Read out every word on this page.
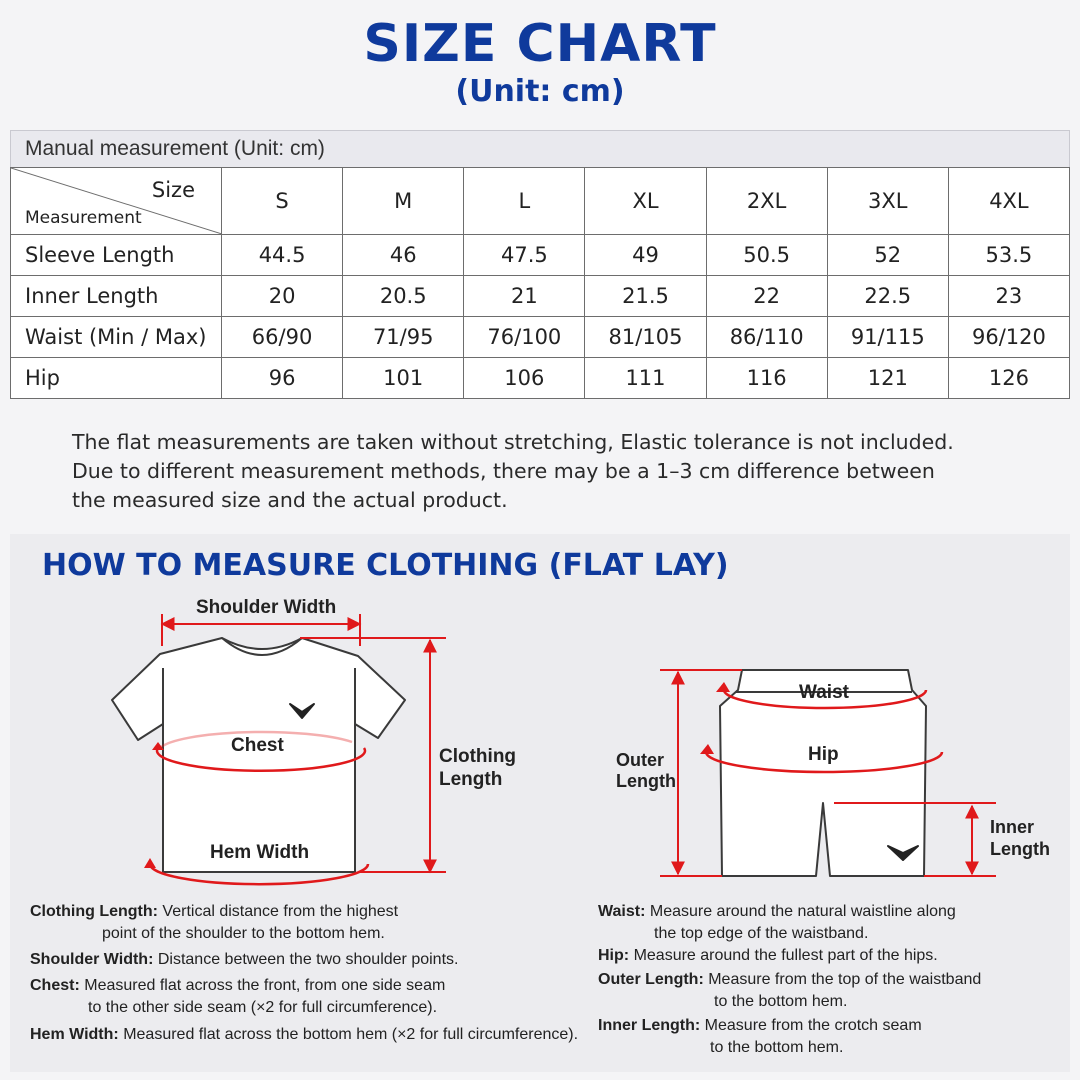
SIZE CHART
(Unit: cm)
Manual measurement (Unit: cm)
Size
Measurement	S	M	L	XL	2XL	3XL	4XL
Sleeve Length	44.5	46	47.5	49	50.5	52	53.5
Inner Length	20	20.5	21	21.5	22	22.5	23
Waist (Min / Max)	66/90	71/95	76/100	81/105	86/110	91/115	96/120
Hip	96	101	106	111	116	121	126
The flat measurements are taken without stretching, Elastic tolerance is not included.
Due to different measurement methods, there may be a 1–3 cm difference between
the measured size and the actual product.
HOW TO MEASURE CLOTHING (FLAT LAY)
Shoulder Width
Chest
Clothing
Length
Hem Width
Waist
Hip
Outer
Length
Inner
Length
Clothing Length: Vertical distance from the highest
point of the shoulder to the bottom hem.
Shoulder Width: Distance between the two shoulder points.
Chest: Measured flat across the front, from one side seam
to the other side seam (×2 for full circumference).
Hem Width: Measured flat across the bottom hem (×2 for full circumference).
Waist: Measure around the natural waistline along
the top edge of the waistband.
Hip: Measure around the fullest part of the hips.
Outer Length: Measure from the top of the waistband
to the bottom hem.
Inner Length: Measure from the crotch seam
to the bottom hem.
